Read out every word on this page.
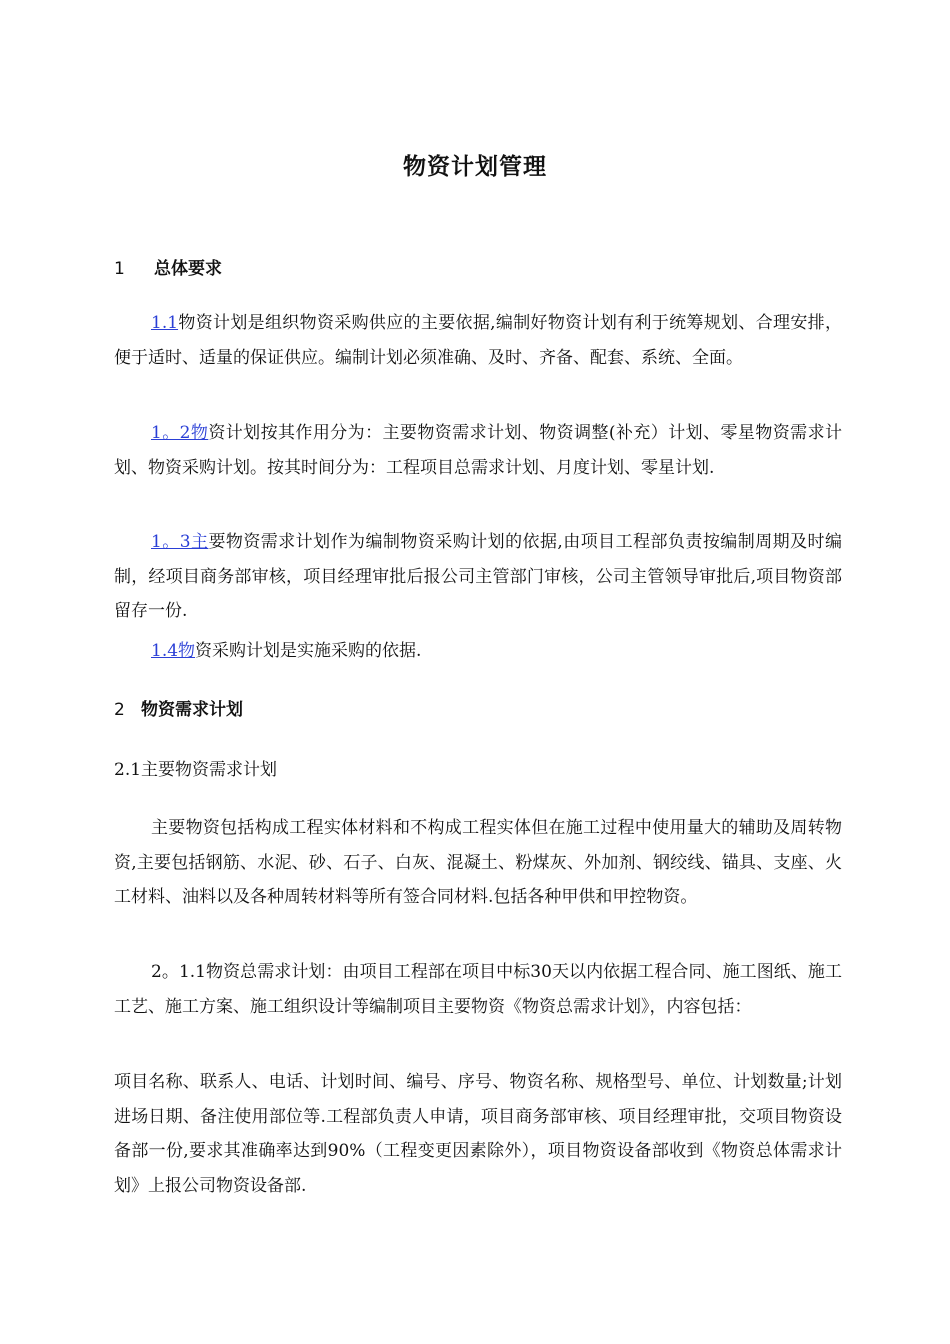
物资计划管理
1 总体要求

1.1物资计划是组织物资采购供应的主要依据,编制好物资计划有利于统筹规划、合理安排，便于适时、适量的保证供应。编制计划必须准确、及时、齐备、配套、系统、全面。

1。2物资计划按其作用分为：主要物资需求计划、物资调整(补充）计划、零星物资需求计划、物资采购计划。按其时间分为：工程项目总需求计划、月度计划、零星计划.

1。3主要物资需求计划作为编制物资采购计划的依据,由项目工程部负责按编制周期及时编制，经项目商务部审核，项目经理审批后报公司主管部门审核，公司主管领导审批后,项目物资部留存一份.

1.4物资采购计划是实施采购的依据.

2 物资需求计划
2.1主要物资需求计划

主要物资包括构成工程实体材料和不构成工程实体但在施工过程中使用量大的辅助及周转物资,主要包括钢筋、水泥、砂、石子、白灰、混凝土、粉煤灰、外加剂、钢绞线、锚具、支座、火工材料、油料以及各种周转材料等所有签合同材料.包括各种甲供和甲控物资。

2。1.1物资总需求计划：由项目工程部在项目中标30天以内依据工程合同、施工图纸、施工工艺、施工方案、施工组织设计等编制项目主要物资《物资总需求计划》，内容包括：

项目名称、联系人、电话、计划时间、编号、序号、物资名称、规格型号、单位、计划数量;计划进场日期、备注使用部位等.工程部负责人申请，项目商务部审核、项目经理审批，交项目物资设备部一份,要求其准确率达到90%（工程变更因素除外），项目物资设备部收到《物资总体需求计划》上报公司物资设备部.
